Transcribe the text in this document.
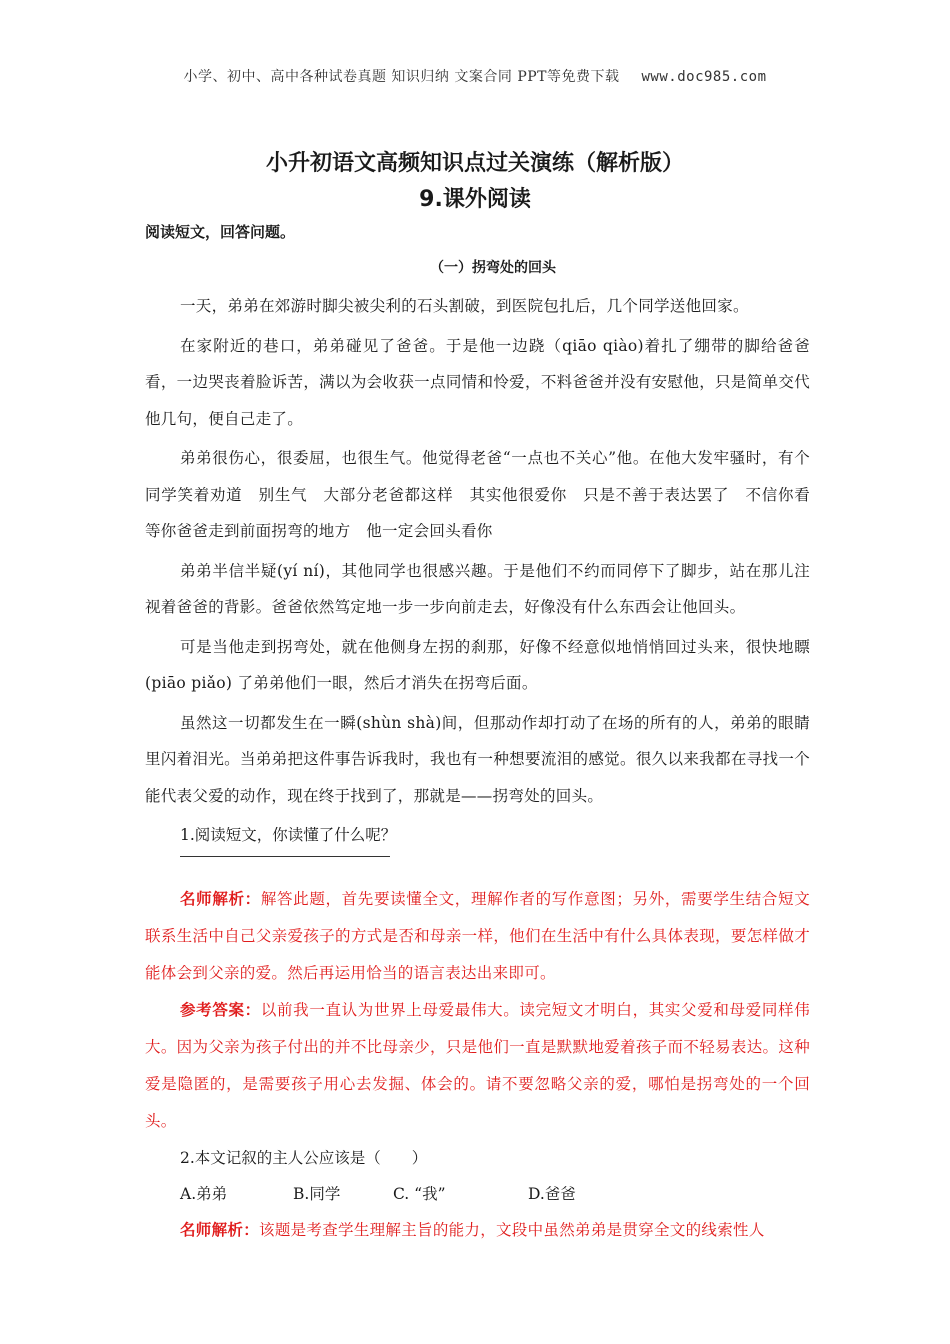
小学、初中、高中各种试卷真题 知识归纳 文案合同 PPT等免费下载 www.doc985.com
小升初语文高频知识点过关演练（解析版）
9.课外阅读
阅读短文，回答问题。
（一）拐弯处的回头

一天，弟弟在郊游时脚尖被尖利的石头割破，到医院包扎后，几个同学送他回家。

在家附近的巷口，弟弟碰见了爸爸。于是他一边跷（qiāo qiào)着扎了绷带的脚给爸爸看，一边哭丧着脸诉苦，满以为会收获一点同情和怜爱，不料爸爸并没有安慰他，只是简单交代他几句，便自己走了。

弟弟很伤心，很委屈，也很生气。他觉得老爸“一点也不关心”他。在他大发牢骚时，有个同学笑着劝道　别生气　大部分老爸都这样　其实他很爱你　只是不善于表达罢了　不信你看　等你爸爸走到前面拐弯的地方　他一定会回头看你

弟弟半信半疑(yí ní)，其他同学也很感兴趣。于是他们不约而同停下了脚步，站在那儿注视着爸爸的背影。爸爸依然笃定地一步一步向前走去，好像没有什么东西会让他回头。

可是当他走到拐弯处，就在他侧身左拐的刹那，好像不经意似地悄悄回过头来，很快地瞟(piāo piǎo) 了弟弟他们一眼，然后才消失在拐弯后面。

虽然这一切都发生在一瞬(shùn shà)间，但那动作却打动了在场的所有的人，弟弟的眼睛里闪着泪光。当弟弟把这件事告诉我时，我也有一种想要流泪的感觉。很久以来我都在寻找一个能代表父爱的动作，现在终于找到了，那就是——拐弯处的回头。

1.阅读短文，你读懂了什么呢？

名师解析：解答此题，首先要读懂全文，理解作者的写作意图；另外，需要学生结合短文联系生活中自己父亲爱孩子的方式是否和母亲一样，他们在生活中有什么具体表现，要怎样做才能体会到父亲的爱。然后再运用恰当的语言表达出来即可。

参考答案：以前我一直认为世界上母爱最伟大。读完短文才明白，其实父爱和母爱同样伟大。因为父亲为孩子付出的并不比母亲少，只是他们一直是默默地爱着孩子而不轻易表达。这种爱是隐匿的，是需要孩子用心去发掘、体会的。请不要忽略父亲的爱，哪怕是拐弯处的一个回头。

2.本文记叙的主人公应该是（　　）
A.弟弟	B.同学	C. “我”	D.爸爸

名师解析：该题是考查学生理解主旨的能力，文段中虽然弟弟是贯穿全文的线索性人
